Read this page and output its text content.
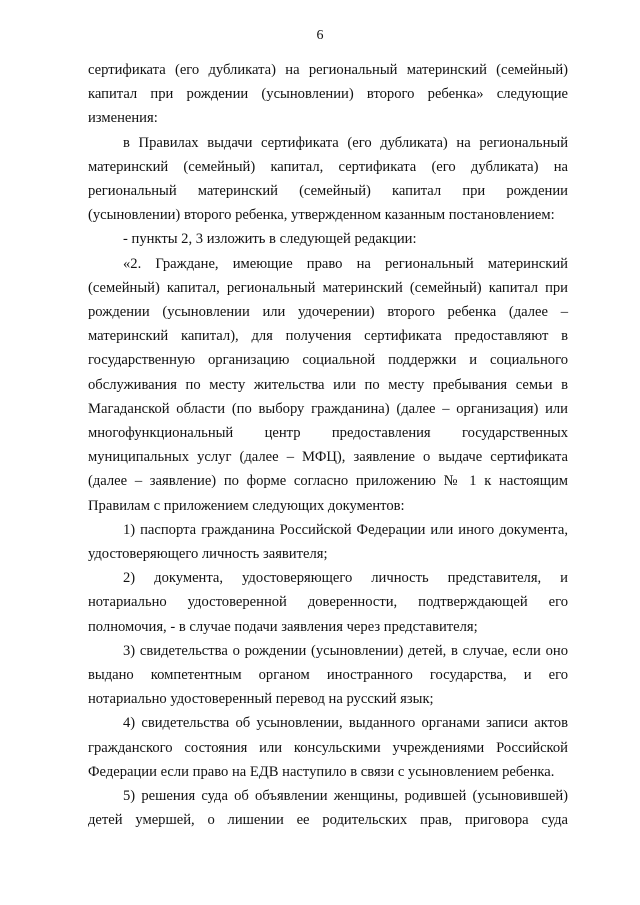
6

сертификата (его дубликата) на региональный материнский (семейный) капитал при рождении (усыновлении) второго ребенка» следующие изменения:

в Правилах выдачи сертификата (его дубликата) на региональный материнский (семейный) капитал, сертификата (его дубликата) на региональный материнский (семейный) капитал при рождении (усыновлении) второго ребенка, утвержденном казанным постановлением:

- пункты 2, 3 изложить в следующей редакции:

«2. Граждане, имеющие право на региональный материнский (семейный) капитал, региональный материнский (семейный) капитал при рождении (усыновлении или удочерении) второго ребенка (далее – материнский капитал), для получения сертификата предоставляют в государственную организацию социальной поддержки и социального обслуживания по месту жительства или по месту пребывания семьи в Магаданской области (по выбору гражданина) (далее – организация) или многофункциональный центр предоставления государственных муниципальных услуг (далее – МФЦ), заявление о выдаче сертификата (далее – заявление) по форме согласно приложению № 1 к настоящим Правилам с приложением следующих документов:

1) паспорта гражданина Российской Федерации или иного документа, удостоверяющего личность заявителя;

2) документа, удостоверяющего личность представителя, и нотариально удостоверенной доверенности, подтверждающей его полномочия, - в случае подачи заявления через представителя;

3) свидетельства о рождении (усыновлении) детей, в случае, если оно выдано компетентным органом иностранного государства, и его нотариально удостоверенный перевод на русский язык;

4) свидетельства об усыновлении, выданного органами записи актов гражданского состояния или консульскими учреждениями Российской Федерации если право на ЕДВ наступило в связи с усыновлением ребенка.

5) решения суда об объявлении женщины, родившей (усыновившей) детей умершей, о лишении ее родительских прав, приговора суда
